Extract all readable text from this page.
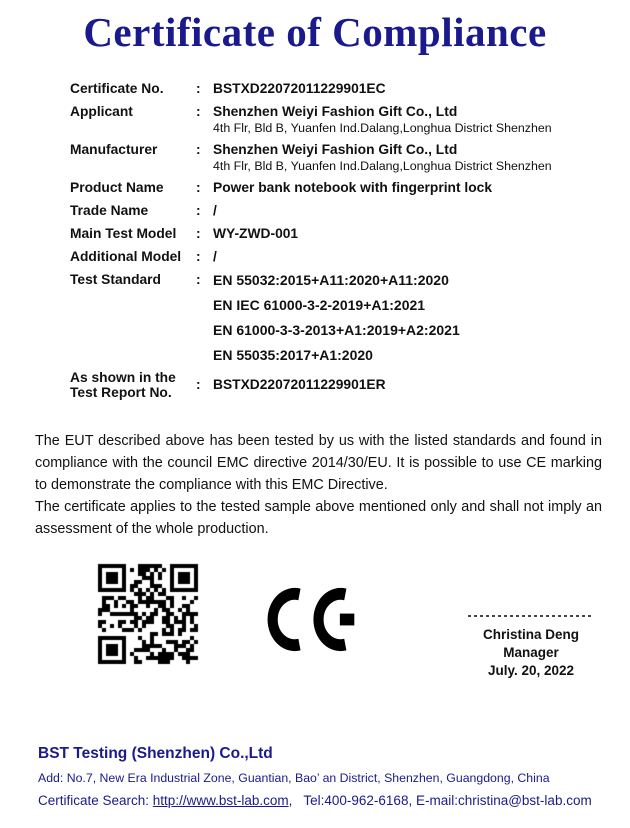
Certificate of Compliance
Certificate No.	: BSTXD22072011229901EC
Applicant	: Shenzhen Weiyi Fashion Gift Co., Ltd
4th Flr, Bld B, Yuanfen Ind.Dalang,Longhua District Shenzhen
Manufacturer	: Shenzhen Weiyi Fashion Gift Co., Ltd
4th Flr, Bld B, Yuanfen Ind.Dalang,Longhua District Shenzhen
Product Name	: Power bank notebook with fingerprint lock
Trade Name	: /
Main Test Model	: WY-ZWD-001
Additional Model	: /
Test Standard	: EN 55032:2015+A11:2020+A11:2020
EN IEC 61000-3-2-2019+A1:2021
EN 61000-3-3-2013+A1:2019+A2:2021
EN 55035:2017+A1:2020
As shown in the
Test Report No.
: BSTXD22072011229901ER

The EUT described above has been tested by us with the listed standards and found in compliance with the council EMC directive 2014/30/EU. It is possible to use CE marking to demonstrate the compliance with this EMC Directive.

The certificate applies to the tested sample above mentioned only and shall not imply an assessment of the whole production.

Christina Deng
Manager
July. 20, 2022
BST Testing (Shenzhen) Co.,Ltd
Add: No.7, New Era Industrial Zone, Guantian, Bao’ an District, Shenzhen, Guangdong, China
Certificate Search: http://www.bst-lab.com,   Tel:400-962-6168, E-mail:christina@bst-lab.com
